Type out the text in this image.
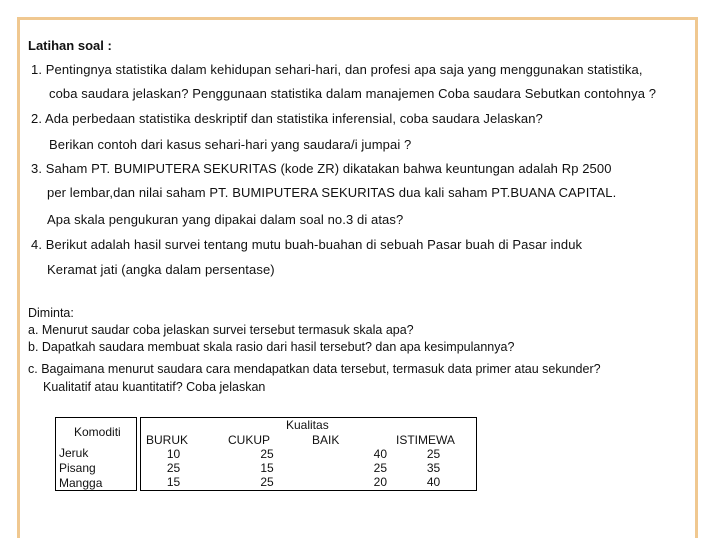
Latihan soal :
1. Pentingnya statistika dalam kehidupan sehari-hari, dan profesi apa saja yang menggunakan statistika,
coba saudara jelaskan? Penggunaan statistika dalam manajemen Coba saudara Sebutkan contohnya ?
2. Ada perbedaan statistika deskriptif dan statistika inferensial, coba saudara Jelaskan?
Berikan contoh dari kasus sehari-hari yang saudara/i jumpai ?
3. Saham PT. BUMIPUTERA SEKURITAS (kode ZR) dikatakan bahwa keuntungan adalah Rp 2500
per lembar,dan nilai saham PT. BUMIPUTERA SEKURITAS dua kali saham PT.BUANA CAPITAL.
Apa skala pengukuran yang dipakai dalam soal no.3 di atas?
4. Berikut adalah hasil survei tentang mutu buah-buahan di sebuah Pasar buah di Pasar induk
Keramat jati (angka dalam persentase)
Diminta:
a. Menurut saudar coba jelaskan survei tersebut termasuk skala apa?
b. Dapatkah saudara membuat skala rasio dari hasil tersebut? dan apa kesimpulannya?
c. Bagaimana menurut saudara cara mendapatkan data tersebut, termasuk data primer atau sekunder?
Kualitatif atau kuantitatif? Coba jelaskan
Komoditi
Jeruk
Pisang
Mangga
Kualitas
BURUK
10
25
15
CUKUP
25
15
25
BAIK
40
25
20
ISTIMEWA
25
35
40
